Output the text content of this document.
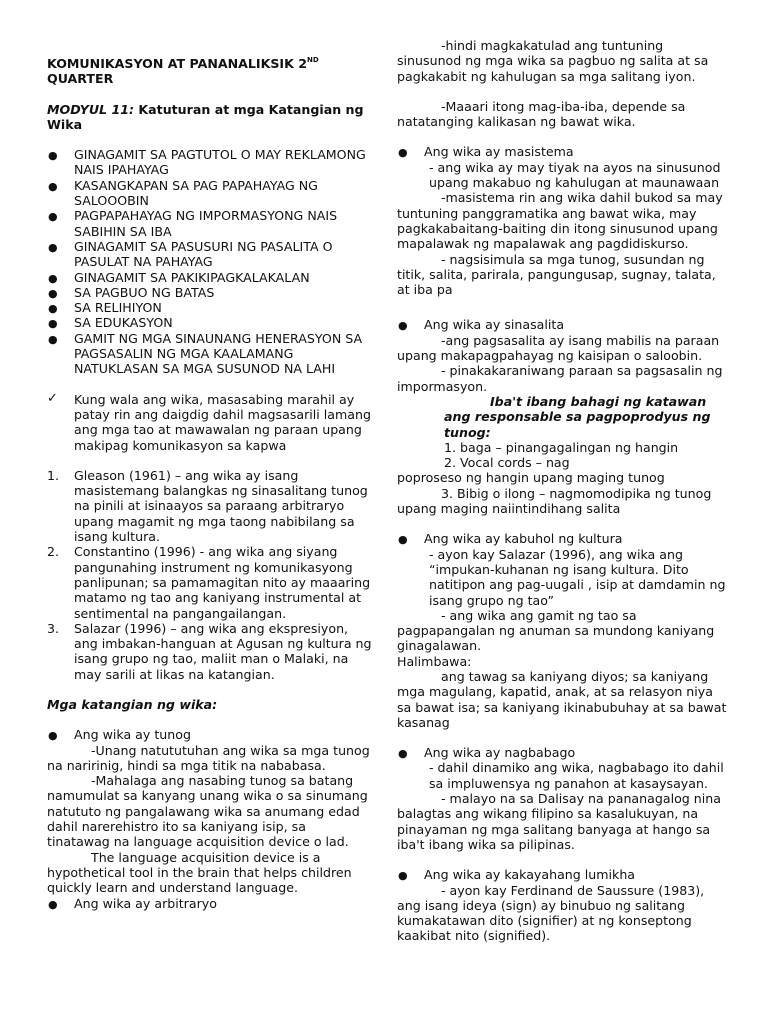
KOMUNIKASYON AT PANANALIKSIK 2ND
QUARTER

MODYUL 11: Katuturan at mga Katangian ng Wika

● GINAGAMIT SA PAGTUTOL O MAY REKLAMONG NAIS IPAHAYAG
● KASANGKAPAN SA PAG PAPAHAYAG NG SALOOOBIN
● PAGPAPAHAYAG NG IMPORMASYONG NAIS SABIHIN SA IBA
● GINAGAMIT SA PASUSURI NG PASALITA O PASULAT NA PAHAYAG
● GINAGAMIT SA PAKIKIPAGKALAKALAN
● SA PAGBUO NG BATAS
● SA RELIHIYON
● SA EDUKASYON
● GAMIT NG MGA SINAUNANG HENERASYON SA PAGSASALIN NG MGA KAALAMANG NATUKLASAN SA MGA SUSUNOD NA LAHI
✓ Kung wala ang wika, masasabing marahil ay patay rin ang daigdig dahil magsasarili lamang ang mga tao at mawawalan ng paraan upang makipag komunikasyon sa kapwa
1. Gleason (1961) – ang wika ay isang masistemang balangkas ng sinasalitang tunog na pinili at isinaayos sa paraang arbitraryo upang magamit ng mga taong nabibilang sa isang kultura.
2. Constantino (1996) - ang wika ang siyang pangunahing instrument ng komunikasyong panlipunan; sa pamamagitan nito ay maaaring matamo ng tao ang kaniyang instrumental at sentimental na pangangailangan.
3. Salazar (1996) – ang wika ang ekspresiyon, ang imbakan-hanguan at Agusan ng kultura ng isang grupo ng tao, maliit man o Malaki, na may sarili at likas na katangian.

Mga katangian ng wika:

● Ang wika ay tunog

-Unang natututuhan ang wika sa mga tunog na naririnig, hindi sa mga titik na nababasa.

-Mahalaga ang nasabing tunog sa batang namumulat sa kanyang unang wika o sa sinumang natututo ng pangalawang wika sa anumang edad dahil narerehistro ito sa kaniyang isip, sa tinatawag na language acquisition device o lad.

The language acquisition device is a hypothetical tool in the brain that helps children quickly learn and understand language.

● Ang wika ay arbitraryo

-hindi magkakatulad ang tuntuning sinusunod ng mga wika sa pagbuo ng salita at sa pagkakabit ng kahulugan sa mga salitang iyon.

-Maaari itong mag-iba-iba, depende sa natatanging kalikasan ng bawat wika.

● Ang wika ay masistema

- ang wika ay may tiyak na ayos na sinusunod upang makabuo ng kahulugan at maunawaan

-masistema rin ang wika dahil bukod sa may tuntuning panggramatika ang bawat wika, may pagkakabaitang-baiting din itong sinusunod upang mapalawak ng mapalawak ang pagdidiskurso.

- nagsisimula sa mga tunog, susundan ng titik, salita, parirala, pangungusap, sugnay, talata, at iba pa

● Ang wika ay sinasalita

-ang pagsasalita ay isang mabilis na paraan upang makapagpahayag ng kaisipan o saloobin.

- pinakakaraniwang paraan sa pagsasalin ng impormasyon.

Iba't ibang bahagi ng katawan ang responsable sa pagpoprodyus ng tunog:

1. baga – pinangagalingan ng hangin

2. Vocal cords – nag

poproseso ng hangin upang maging tunog

3. Bibig o ilong – nagmomodipika ng tunog upang maging naiintindihang salita

● Ang wika ay kabuhol ng kultura

- ayon kay Salazar (1996), ang wika ang “impukan-kuhanan ng isang kultura. Dito natitipon ang pag-uugali , isip at damdamin ng isang grupo ng tao”

- ang wika ang gamit ng tao sa pagpapangalan ng anuman sa mundong kaniyang ginagalawan.

Halimbawa:

ang tawag sa kaniyang diyos; sa kaniyang mga magulang, kapatid, anak, at sa relasyon niya sa bawat isa; sa kaniyang ikinabubuhay at sa bawat kasanag

● Ang wika ay nagbabago

- dahil dinamiko ang wika, nagbabago ito dahil sa impluwensya ng panahon at kasaysayan.

- malayo na sa Dalisay na pananagalog nina balagtas ang wikang filipino sa kasalukuyan, na pinayaman ng mga salitang banyaga at hango sa iba't ibang wika sa pilipinas.

● Ang wika ay kakayahang lumikha

- ayon kay Ferdinand de Saussure (1983), ang isang ideya (sign) ay binubuo ng salitang kumakatawan dito (signifier) at ng konseptong kaakibat nito (signified).
